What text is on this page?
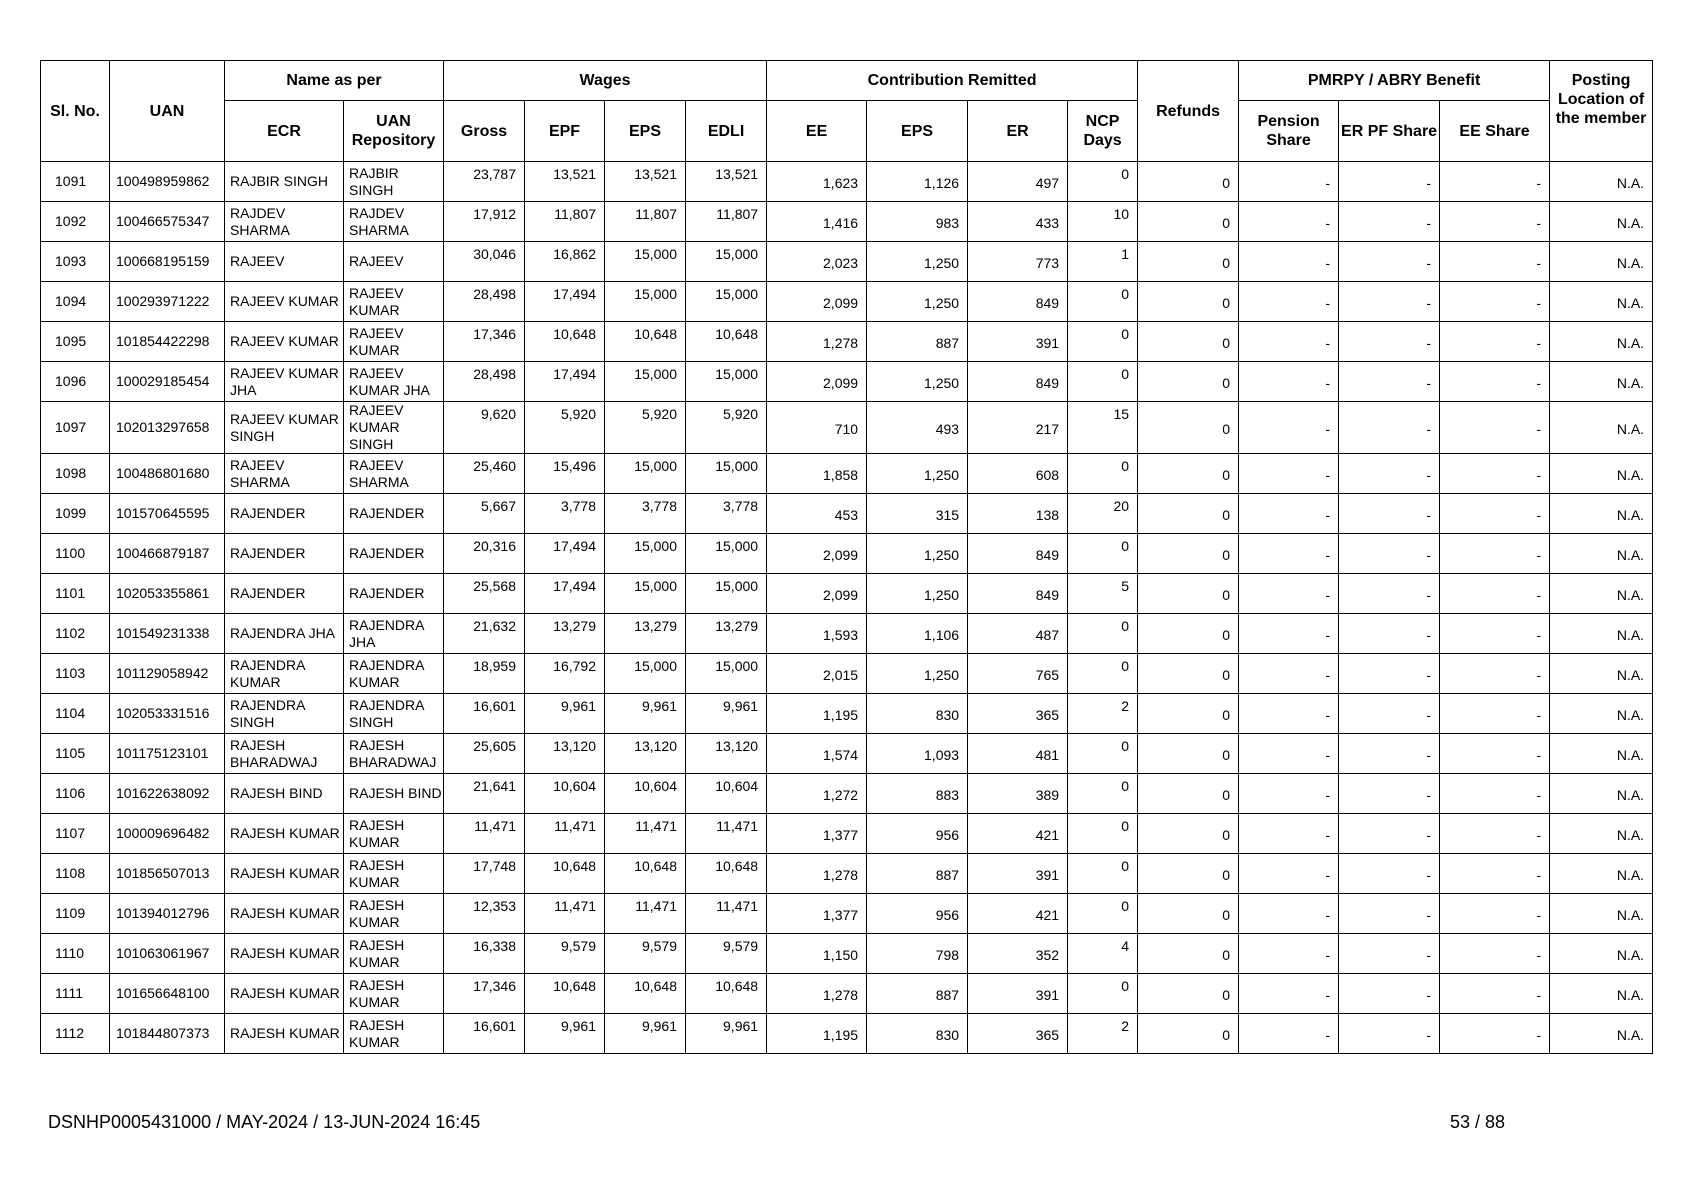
Sl. No.	UAN	Name as per		Wages				Contribution Remitted				Refunds	PMRPY / ABRY Benefit			Posting Location of the member
		ECR	UAN Repository	Gross	EPF	EPS	EDLI	EE	EPS	ER	NCP Days		Pension Share	ER PF Share	EE Share	
1091	100498959862	RAJBIR SINGH	RAJBIR SINGH	23,787	13,521	13,521	13,521	1,623	1,126	497	0	0	-	-	-	N.A.
1092	100466575347	RAJDEV SHARMA	RAJDEV SHARMA	17,912	11,807	11,807	11,807	1,416	983	433	10	0	-	-	-	N.A.
1093	100668195159	RAJEEV	RAJEEV	30,046	16,862	15,000	15,000	2,023	1,250	773	1	0	-	-	-	N.A.
1094	100293971222	RAJEEV KUMAR	RAJEEV KUMAR	28,498	17,494	15,000	15,000	2,099	1,250	849	0	0	-	-	-	N.A.
1095	101854422298	RAJEEV KUMAR	RAJEEV KUMAR	17,346	10,648	10,648	10,648	1,278	887	391	0	0	-	-	-	N.A.
1096	100029185454	RAJEEV KUMAR JHA	RAJEEV KUMAR JHA	28,498	17,494	15,000	15,000	2,099	1,250	849	0	0	-	-	-	N.A.
1097	102013297658	RAJEEV KUMAR SINGH	RAJEEV KUMAR SINGH	9,620	5,920	5,920	5,920	710	493	217	15	0	-	-	-	N.A.
1098	100486801680	RAJEEV SHARMA	RAJEEV SHARMA	25,460	15,496	15,000	15,000	1,858	1,250	608	0	0	-	-	-	N.A.
1099	101570645595	RAJENDER	RAJENDER	5,667	3,778	3,778	3,778	453	315	138	20	0	-	-	-	N.A.
1100	100466879187	RAJENDER	RAJENDER	20,316	17,494	15,000	15,000	2,099	1,250	849	0	0	-	-	-	N.A.
1101	102053355861	RAJENDER	RAJENDER	25,568	17,494	15,000	15,000	2,099	1,250	849	5	0	-	-	-	N.A.
1102	101549231338	RAJENDRA JHA	RAJENDRA JHA	21,632	13,279	13,279	13,279	1,593	1,106	487	0	0	-	-	-	N.A.
1103	101129058942	RAJENDRA KUMAR	RAJENDRA KUMAR	18,959	16,792	15,000	15,000	2,015	1,250	765	0	0	-	-	-	N.A.
1104	102053331516	RAJENDRA SINGH	RAJENDRA SINGH	16,601	9,961	9,961	9,961	1,195	830	365	2	0	-	-	-	N.A.
1105	101175123101	RAJESH BHARADWAJ	RAJESH BHARADWAJ	25,605	13,120	13,120	13,120	1,574	1,093	481	0	0	-	-	-	N.A.
1106	101622638092	RAJESH BIND	RAJESH BIND	21,641	10,604	10,604	10,604	1,272	883	389	0	0	-	-	-	N.A.
1107	100009696482	RAJESH KUMAR	RAJESH KUMAR	11,471	11,471	11,471	11,471	1,377	956	421	0	0	-	-	-	N.A.
1108	101856507013	RAJESH KUMAR	RAJESH KUMAR	17,748	10,648	10,648	10,648	1,278	887	391	0	0	-	-	-	N.A.
1109	101394012796	RAJESH KUMAR	RAJESH KUMAR	12,353	11,471	11,471	11,471	1,377	956	421	0	0	-	-	-	N.A.
1110	101063061967	RAJESH KUMAR	RAJESH KUMAR	16,338	9,579	9,579	9,579	1,150	798	352	4	0	-	-	-	N.A.
1111	101656648100	RAJESH KUMAR	RAJESH KUMAR	17,346	10,648	10,648	10,648	1,278	887	391	0	0	-	-	-	N.A.
1112	101844807373	RAJESH KUMAR	RAJESH KUMAR	16,601	9,961	9,961	9,961	1,195	830	365	2	0	-	-	-	N.A.
DSNHP0005431000 / MAY-2024 / 13-JUN-2024 16:45	53 / 88
